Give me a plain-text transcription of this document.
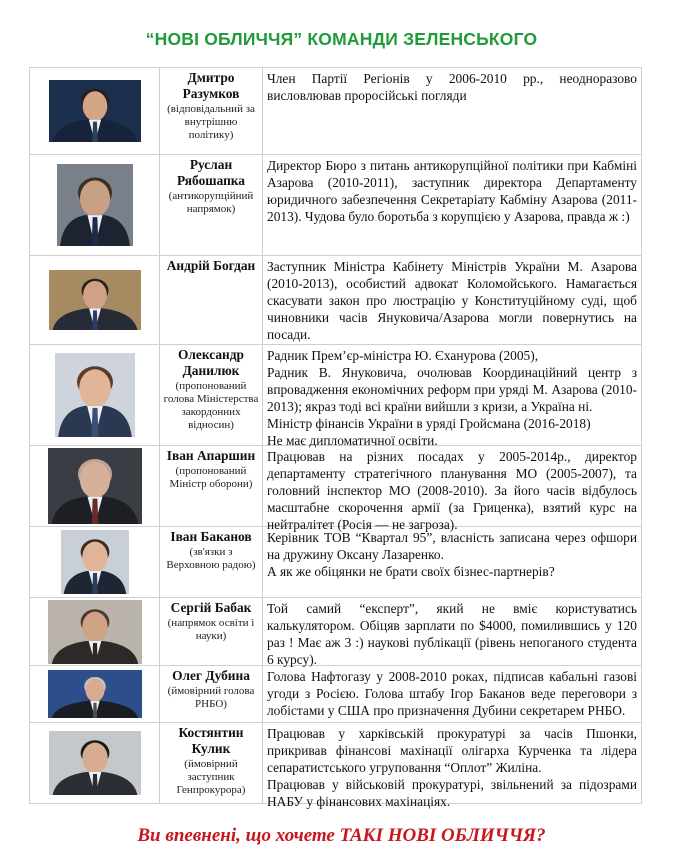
“НОВІ ОБЛИЧЧЯ” КОМАНДИ ЗЕЛЕНСЬКОГО
Дмитро
Разумков
(відповідальний за внутрішню політику)
Член Партії Регіонів у 2006-2010 рр., неодноразово висловлював проросійські погляди
Руслан
Рябошапка
(антикорупційний напрямок)
Директор Бюро з питань антикорупційної політики при Кабміні Азарова (2010-2011), заступник директора Департаменту юридичного забезпечення Секретаріату Кабміну Азарова (2011-2013). Чудова було боротьба з корупцією у Азарова, правда ж :)
Андрій Богдан Заступник Міністра Кабінету Міністрів України М. Азарова (2010-2013), особистий адвокат Коломойського. Намагається скасувати закон про люстрацію у Конституційному суді, щоб чиновники часів Януковича/Азарова могли повернутись на посади.
Олександр
Данилюк
(пропонований голова Міністерства закордонних відносин)
Радник Прем’єр-міністра Ю. Єханурова (2005),
Радник В. Януковича, очолював Координаційний центр з впровадження економічних реформ при уряді М. Азарова (2010-2013); якраз тоді всі країни вийшли з кризи, а Україна ні.
Міністр фінансів України в уряді Гройсмана (2016-2018)
Не має дипломатичної освіти.
Іван Апаршин
(пропонований Міністр оборони)
Працював на різних посадах у 2005-2014р., директор департаменту стратегічного планування МО (2005-2007), та головний інспектор МО (2008-2010). За його часів відбулось масштабне скорочення армії (за Гриценка), взятий курс на нейтралітет (Росія — не загроза).
Іван Баканов
(зв'язки з Верховною радою)
Керівник ТОВ “Квартал 95”, власність записана через офшори на дружину Оксану Лазаренко.
А як же обіцянки не брати своїх бізнес-партнерів?
Сергій Бабак
(напрямок освіти і науки)
Той самий “експерт”, який не вміє користуватись калькулятором. Обіцяв зарплати по $4000, помилившись у 120 раз ! Має аж 3 :) наукові публікації (рівень непоганого студента 6 курсу).
Олег Дубина
(ймовірний голова РНБО)
Голова Нафтогазу у 2008-2010 роках, підписав кабальні газові угоди з Росією. Голова штабу Ігор Баканов веде переговори з лобістами у США про призначення Дубини секретарем РНБО.
Костянтин
Кулик
(ймовірний заступник Генпрокурора)
Працював у харківській прокуратурі за часів Пшонки, прикривав фінансові махінації олігарха Курченка та лідера сепаратистського угруповання “Оплот” Жиліна.
Працював у військовій прокуратурі, звільнений за підозрами НАБУ у фінансових махінаціях.
Ви впевнені, що хочете ТАКІ НОВІ ОБЛИЧЧЯ?
